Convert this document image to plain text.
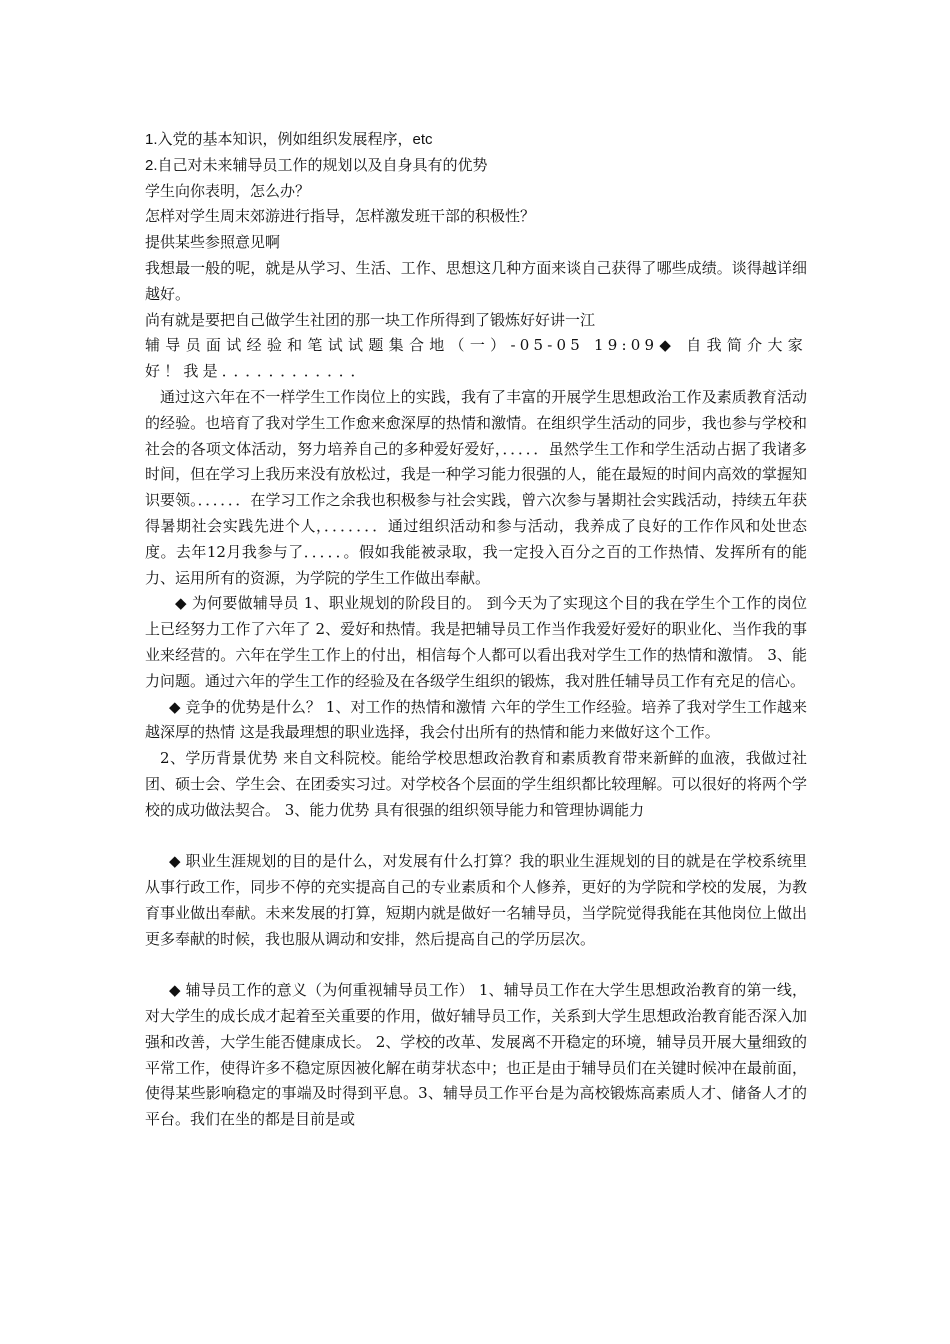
1.入党的基本知识，例如组织发展程序，etc

2.自己对未来辅导员工作的规划以及自身具有的优势

学生向你表明，怎么办？

怎样对学生周末郊游进行指导，怎样激发班干部的积极性？

提供某些参照意见啊

我想最一般的呢，就是从学习、生活、工作、思想这几种方面来谈自己获得了哪些成绩。谈得越详细越好。

尚有就是要把自己做学生社团的那一块工作所得到了锻炼好好讲一江

辅导员面试经验和笔试试题集合地（一）-05-05 19:09◆ 自我简介大家好！我是．．．．．．．．．．．．

通过这六年在不一样学生工作岗位上的实践，我有了丰富的开展学生思想政治工作及素质教育活动的经验。也培育了我对学生工作愈来愈深厚的热情和激情。在组织学生活动的同步，我也参与学校和社会的各项文体活动，努力培养自己的多种爱好爱好，．．．．．虽然学生工作和学生活动占据了我诸多时间，但在学习上我历来没有放松过，我是一种学习能力很强的人，能在最短的时间内高效的掌握知识要领。．．．．．．在学习工作之余我也积极参与社会实践，曾六次参与暑期社会实践活动，持续五年获得暑期社会实践先进个人，．．．．．．．通过组织活动和参与活动，我养成了良好的工作作风和处世态度。去年12月我参与了．．．．．。假如我能被录取，我一定投入百分之百的工作热情、发挥所有的能力、运用所有的资源，为学院的学生工作做出奉献。

◆ 为何要做辅导员 1、职业规划的阶段目的。 到今天为了实现这个目的我在学生个工作的岗位上已经努力工作了六年了 2、爱好和热情。我是把辅导员工作当作我爱好爱好的职业化、当作我的事业来经营的。六年在学生工作上的付出，相信每个人都可以看出我对学生工作的热情和激情。 3、能力问题。通过六年的学生工作的经验及在各级学生组织的锻炼，我对胜任辅导员工作有充足的信心。

◆ 竞争的优势是什么？ 1、对工作的热情和激情 六年的学生工作经验。培养了我对学生工作越来越深厚的热情 这是我最理想的职业选择，我会付出所有的热情和能力来做好这个工作。

2、学历背景优势 来自文科院校。能给学校思想政治教育和素质教育带来新鲜的血液，我做过社团、硕士会、学生会、在团委实习过。对学校各个层面的学生组织都比较理解。可以很好的将两个学校的成功做法契合。 3、能力优势 具有很强的组织领导能力和管理协调能力

◆ 职业生涯规划的目的是什么，对发展有什么打算？我的职业生涯规划的目的就是在学校系统里从事行政工作，同步不停的充实提高自己的专业素质和个人修养，更好的为学院和学校的发展，为教育事业做出奉献。未来发展的打算，短期内就是做好一名辅导员，当学院觉得我能在其他岗位上做出更多奉献的时候，我也服从调动和安排，然后提高自己的学历层次。

◆ 辅导员工作的意义（为何重视辅导员工作） 1、辅导员工作在大学生思想政治教育的第一线，对大学生的成长成才起着至关重要的作用，做好辅导员工作，关系到大学生思想政治教育能否深入加强和改善，大学生能否健康成长。 2、学校的改革、发展离不开稳定的环境，辅导员开展大量细致的平常工作，使得许多不稳定原因被化解在萌芽状态中；也正是由于辅导员们在关键时候冲在最前面，使得某些影响稳定的事端及时得到平息。3、辅导员工作平台是为高校锻炼高素质人才、储备人才的平台。我们在坐的都是目前是或
